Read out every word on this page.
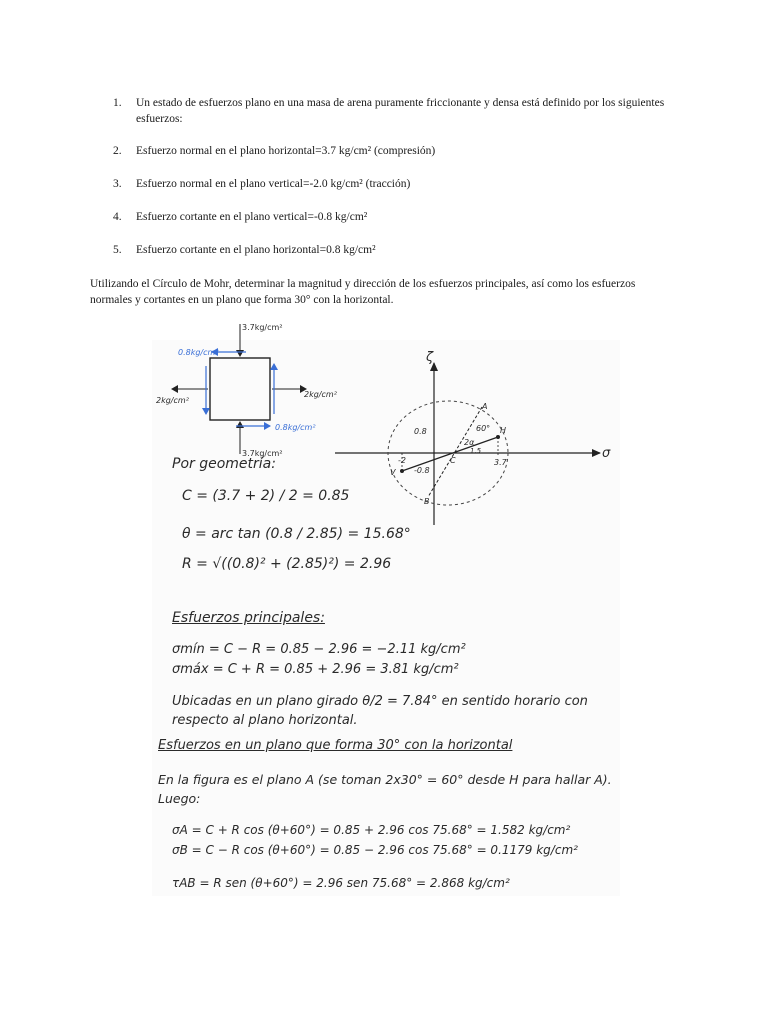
1. Un estado de esfuerzos plano en una masa de arena puramente friccionante y densa está definido por los siguientes esfuerzos:
2. Esfuerzo normal en el plano horizontal=3.7 kg/cm² (compresión)
3. Esfuerzo normal en el plano vertical=-2.0 kg/cm² (tracción)
4. Esfuerzo cortante en el plano vertical=-0.8 kg/cm²
5. Esfuerzo cortante en el plano horizontal=0.8 kg/cm²
Utilizando el Círculo de Mohr, determinar la magnitud y dirección de los esfuerzos principales, así como los esfuerzos normales y cortantes en un plano que forma 30° con la horizontal.
3.7kg/cm²
3.7kg/cm²
2kg/cm²
2kg/cm²
0.8kg/cm²
0.8kg/cm²
ζ
σ
H
V
A
B
C
0.8
-0.8
-2	3.7
60°
2α
1.5
Por geometría:
C = (3.7 + 2) / 2 = 0.85
θ = arc tan (0.8 / 2.85) = 15.68°
R = √((0.8)² + (2.85)²) = 2.96
Esfuerzos principales:
σmín = C − R = 0.85 − 2.96 = −2.11 kg/cm²
σmáx = C + R = 0.85 + 2.96 = 3.81 kg/cm²
Ubicadas en un plano girado θ/2 = 7.84° en sentido horario con
respecto al plano horizontal.
Esfuerzos en un plano que forma 30° con la horizontal
En la figura es el plano A (se toman 2x30° = 60° desde H para hallar A).
Luego:
σA = C + R cos (θ+60°) = 0.85 + 2.96 cos 75.68° = 1.582 kg/cm²
σB = C − R cos (θ+60°) = 0.85 − 2.96 cos 75.68° = 0.1179 kg/cm²
τAB = R sen (θ+60°) = 2.96 sen 75.68° = 2.868 kg/cm²
